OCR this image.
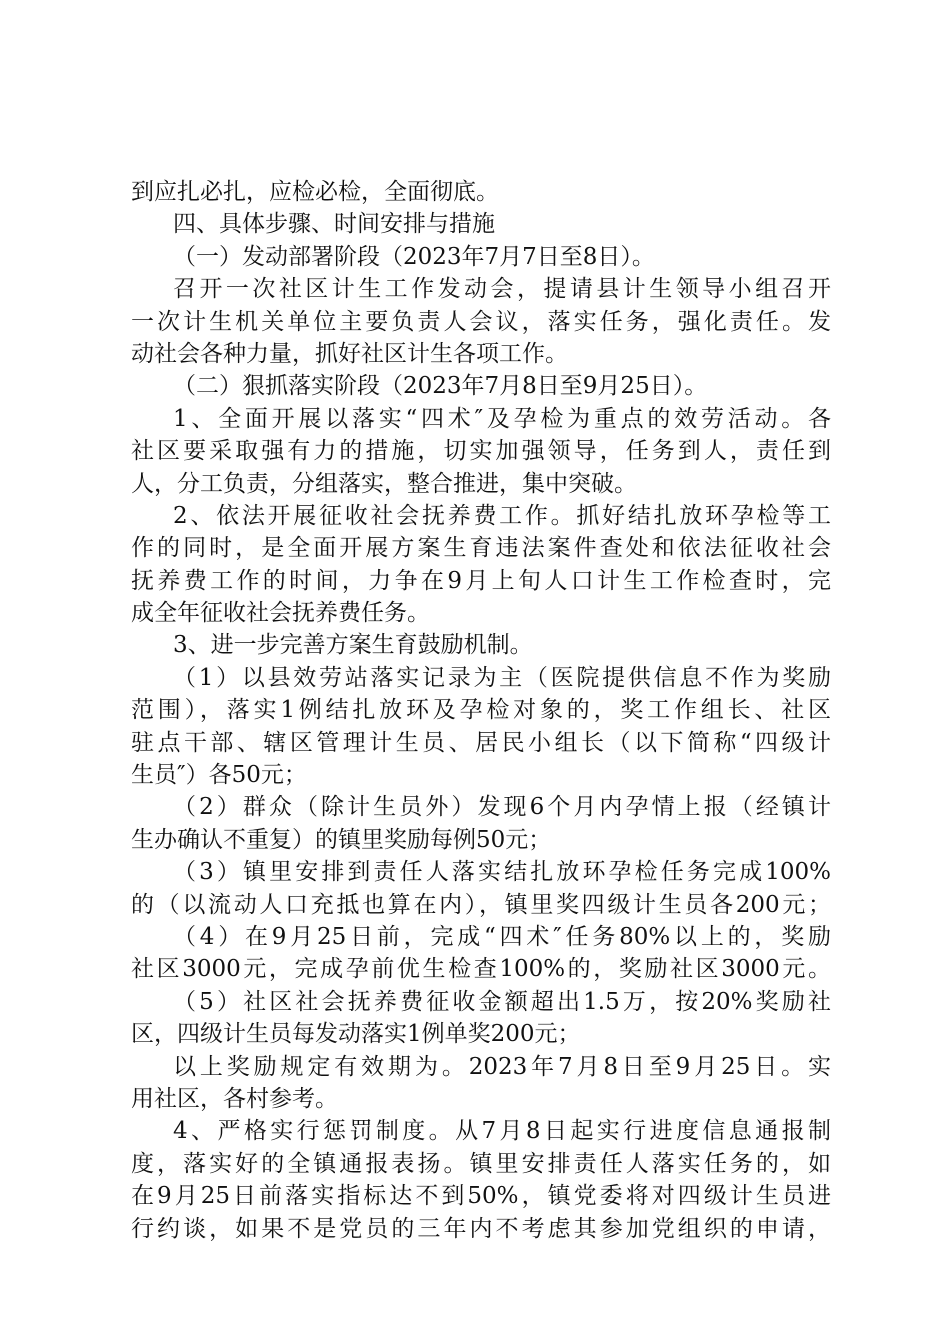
到应扎必扎，应检必检，全面彻底。
四、具体步骤、时间安排与措施
（一）发动部署阶段（2023年7月7日至8日）。
召开一次社区计生工作发动会，提请县计生领导小组召开
一次计生机关单位主要负责人会议，落实任务，强化责任。发
动社会各种力量，抓好社区计生各项工作。
（二）狠抓落实阶段（2023年7月8日至9月25日）。
1、全面开展以落实“四术″及孕检为重点的效劳活动。各
社区要采取强有力的措施，切实加强领导，任务到人，责任到
人，分工负责，分组落实，整合推进，集中突破。
2、依法开展征收社会抚养费工作。抓好结扎放环孕检等工
作的同时，是全面开展方案生育违法案件查处和依法征收社会
抚养费工作的时间，力争在9月上旬人口计生工作检查时，完
成全年征收社会抚养费任务。
3、进一步完善方案生育鼓励机制。
（1）以县效劳站落实记录为主（医院提供信息不作为奖励
范围），落实1例结扎放环及孕检对象的，奖工作组长、社区
驻点干部、辖区管理计生员、居民小组长（以下简称“四级计
生员″）各50元；
（2）群众（除计生员外）发现6个月内孕情上报（经镇计
生办确认不重复）的镇里奖励每例50元；
（3）镇里安排到责任人落实结扎放环孕检任务完成100%
的（以流动人口充抵也算在内），镇里奖四级计生员各200元；
（4）在9月25日前，完成“四术″任务80%以上的，奖励
社区3000元，完成孕前优生检查100%的，奖励社区3000元。
（5）社区社会抚养费征收金额超出1.5万，按20%奖励社
区，四级计生员每发动落实1例单奖200元；
以上奖励规定有效期为。2023年7月8日至9月25日。实
用社区，各村参考。
4、严格实行惩罚制度。从7月8日起实行进度信息通报制
度，落实好的全镇通报表扬。镇里安排责任人落实任务的，如
在9月25日前落实指标达不到50%，镇党委将对四级计生员进
行约谈，如果不是党员的三年内不考虑其参加党组织的申请，
